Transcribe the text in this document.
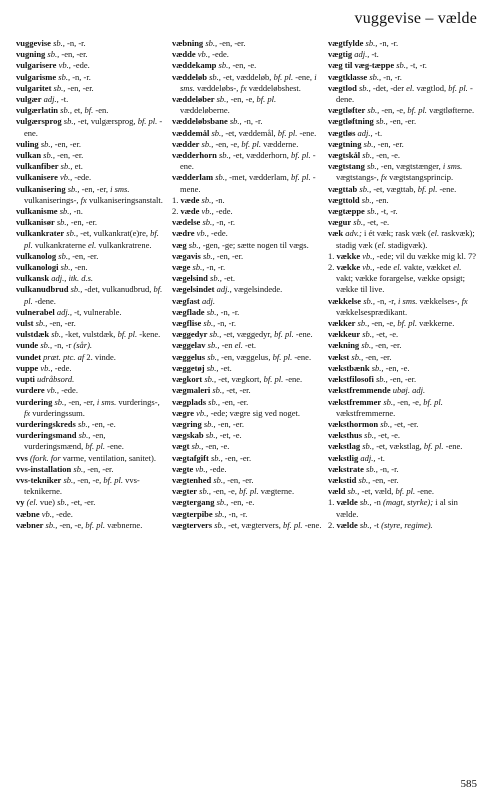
vuggevise – vælde

vuggevise sb., -n, -r.

vugning sb., -en, -er.

vulgarisere vb., -ede.

vulgarisme sb., -n, -r.

vulgaritet sb., -en, -er.

vulgær adj., -t.

vulgærlatin sb., et, bf. -en.

vulgærsprog sb., -et, vulgærsprog, bf. pl. -ene.

vuling sb., -en, -er.

vulkan sb., -en, -er.

vulkanfiber sb., et.

vulkanisere vb., -ede.

vulkanisering sb., -en, -er, i sms. vulkaniserings-, fx vulkaniseringsanstalt.

vulkanisme sb., -n.

vulkanisør sb., -en, -er.

vulkankrater sb., -et, vulkankrat(e)re, bf. pl. vulkankraterne el. vulkankratrene.

vulkanolog sb., -en, -er.

vulkanologi sb., -en.

vulkansk adj., itk. d.s.

vulkanudbrud sb., -det, vulkanudbrud, bf. pl. -dene.

vulnerabel adj., -t, vulnerable.

vulst sb., -en, -er.

vulstdæk sb., -ket, vulstdæk, bf. pl. -kene.

vunde sb., -n, -r (sår).

vundet præt. ptc. af 2. vinde.

vuppe vb., -ede.

vupti udråbsord.

vurdere vb., -ede.

vurdering sb., -en, -er, i sms. vurderings-, fx vurderingssum.

vurderingskreds sb., -en, -e.

vurderingsmand sb., -en, vurderingsmænd, bf. pl. -ene.

vvs (fork. for varme, ventilation, sanitet).

vvs-installation sb., -en, -er.

vvs-tekniker sb., -en, -e, bf. pl. vvs-teknikerne.

vy (el. vue) sb., -et, -er.

væbne vb., -ede.

væbner sb., -en, -e, bf. pl. væbnerne.

væbning sb., -en, -er.

vædde vb., -ede.

væddekamp sb., -en, -e.

væddeløb sb., -et, væddeløb, bf. pl. -ene, i sms. væddeløbs-, fx væddeløbshest.

væddeløber sb., -en, -e, bf. pl. væddeløberne.

væddeløbsbane sb., -n, -r.

væddemål sb., -et, væddemål, bf. pl. -ene.

vædder sb., -en, -e, bf. pl. vædderne.

vædderhorn sb., -et, vædderhorn, bf. pl. -ene.

vædderlam sb., -met, vædderlam, bf. pl. -mene.

1. væde sb., -n.

2. væde vb., -ede.

vædelse sb., -n, -r.

vædre vb., -ede.

væg sb., -gen, -ge; sætte nogen til vægs.

vægavis sb., -en, -er.

væge sb., -n, -r.

vægelsind sb., -et.

vægelsindet adj., vægelsindede.

vægfast adj.

vægflade sb., -n, -r.

vægflise sb., -n, -r.

væggedyr sb., -et, væggedyr, bf. pl. -ene.

væggelav sb., -en el. -et.

væggelus sb., -en, væggelus, bf. pl. -ene.

væggetøj sb., -et.

vægkort sb., -et, vægkort, bf. pl. -ene.

vægmaleri sb., -et, -er.

vægplads sb., -en, -er.

vægre vb., -ede; vægre sig ved noget.

vægring sb., -en, -er.

vægskab sb., -et, -e.

vægt sb., -en, -e.

vægtafgift sb., -en, -er.

vægte vb., -ede.

vægtenhed sb., -en, -er.

vægter sb., -en, -e, bf. pl. vægterne.

vægtergang sb., -en, -e.

vægterpibe sb., -n, -r.

vægtervers sb., -et, vægtervers, bf. pl. -ene.

vægtfylde sb., -n, -r.

vægtig adj., -t.

væg til væg-tæppe sb., -t, -r.

vægtklasse sb., -n, -r.

vægtlod sb., -det, -der el. vægtlod, bf. pl. -dene.

vægtløfter sb., -en, -e, bf. pl. vægtløfterne.

vægtløftning sb., -en, -er.

vægtløs adj., -t.

vægtning sb., -en, -er.

vægtskål sb., -en, -e.

vægtstang sb., -en, vægtstænger, i sms. vægtstangs-, fx vægtstangsprincip.

vægttab sb., -et, vægttab, bf. pl. -ene.

vægttold sb., -en.

vægtæppe sb., -t, -r.

vægur sb., -et, -e.

væk adv.; i ét væk; rask væk (el. raskvæk); stadig væk (el. stadigvæk).

1. vække vb., -ede; vil du vække mig kl. 7?

2. vække vb., -ede el. vakte, vækket el. vakt; vække forargelse, vække opsigt; vække til live.

vækkelse sb., -n, -r, i sms. vækkelses-, fx vækkelsesprædikant.

vækker sb., -en, -e, bf. pl. vækkerne.

vækkeur sb., -et, -e.

vækning sb., -en, -er.

vækst sb., -en, -er.

vækstbænk sb., -en, -e.

vækstfilosofi sb., -en, -er.

vækstfremmende ubøj. adj.

vækstfremmer sb., -en, -e, bf. pl. vækstfremmerne.

væksthormon sb., -et, -er.

væksthus sb., -et, -e.

vækstlag sb., -et, vækstlag, bf. pl. -ene.

vækstlig adj., -t.

vækstrate sb., -n, -r.

vækstid sb., -en, -er.

væld sb., -et, væld, bf. pl. -ene.

1. vælde sb., -n (magt, styrke); i al sin vælde.

2. vælde sb., -t (styre, regime).

585
